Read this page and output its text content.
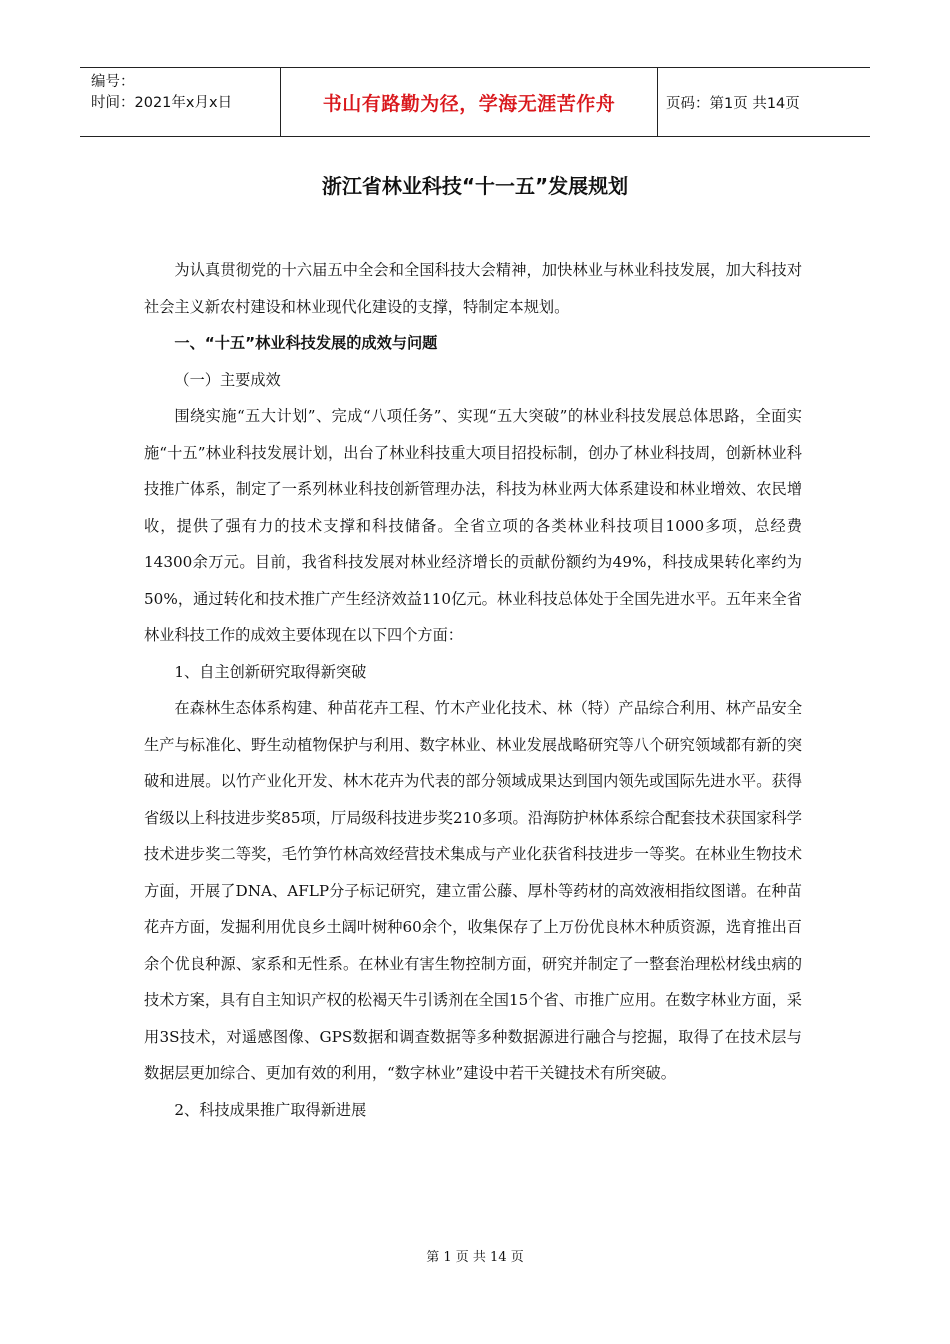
编号：
时间：2021年x月x日	书山有路勤为径，学海无涯苦作舟	页码：第1页 共14页
浙江省林业科技“十一五”发展规划

为认真贯彻党的十六届五中全会和全国科技大会精神，加快林业与林业科技发展，加大科技对社会主义新农村建设和林业现代化建设的支撑，特制定本规划。

一、“十五”林业科技发展的成效与问题

（一）主要成效

围绕实施“五大计划”、完成“八项任务”、实现“五大突破”的林业科技发展总体思路，全面实施“十五”林业科技发展计划，出台了林业科技重大项目招投标制，创办了林业科技周，创新林业科技推广体系，制定了一系列林业科技创新管理办法，科技为林业两大体系建设和林业增效、农民增收，提供了强有力的技术支撑和科技储备。全省立项的各类林业科技项目1000多项，总经费14300余万元。目前，我省科技发展对林业经济增长的贡献份额约为49%，科技成果转化率约为50%，通过转化和技术推广产生经济效益110亿元。林业科技总体处于全国先进水平。五年来全省林业科技工作的成效主要体现在以下四个方面：

1、自主创新研究取得新突破

在森林生态体系构建、种苗花卉工程、竹木产业化技术、林（特）产品综合利用、林产品安全生产与标准化、野生动植物保护与利用、数字林业、林业发展战略研究等八个研究领域都有新的突破和进展。以竹产业化开发、林木花卉为代表的部分领域成果达到国内领先或国际先进水平。获得省级以上科技进步奖85项，厅局级科技进步奖210多项。沿海防护林体系综合配套技术获国家科学技术进步奖二等奖，毛竹笋竹林高效经营技术集成与产业化获省科技进步一等奖。在林业生物技术方面，开展了DNA、AFLP分子标记研究，建立雷公藤、厚朴等药材的高效液相指纹图谱。在种苗花卉方面，发掘利用优良乡土阔叶树种60余个，收集保存了上万份优良林木种质资源，选育推出百余个优良种源、家系和无性系。在林业有害生物控制方面，研究并制定了一整套治理松材线虫病的技术方案，具有自主知识产权的松褐天牛引诱剂在全国15个省、市推广应用。在数字林业方面，采用3S技术，对遥感图像、GPS数据和调查数据等多种数据源进行融合与挖掘，取得了在技术层与数据层更加综合、更加有效的利用，“数字林业”建设中若干关键技术有所突破。

2、科技成果推广取得新进展

第 1 页 共 14 页
